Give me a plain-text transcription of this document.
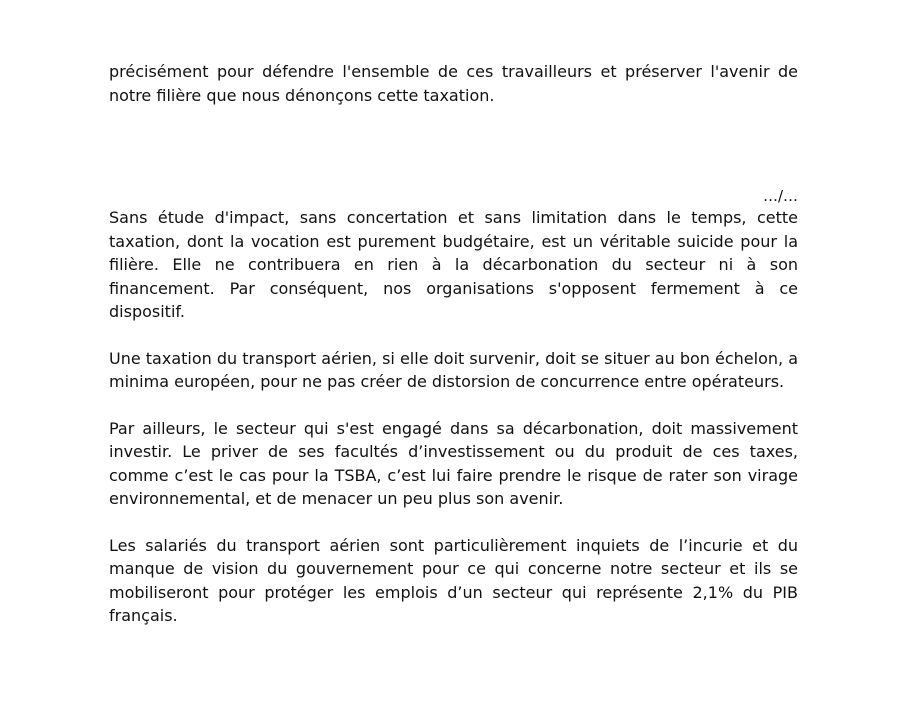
précisément pour défendre l'ensemble de ces travailleurs et préserver l'avenir de notre filière que nous dénonçons cette taxation.

…/…

Sans étude d'impact, sans concertation et sans limitation dans le temps, cette taxation, dont la vocation est purement budgétaire, est un véritable suicide pour la filière. Elle ne contribuera en rien à la décarbonation du secteur ni à son financement. Par conséquent, nos organisations s'opposent fermement à ce dispositif.

Une taxation du transport aérien, si elle doit survenir, doit se situer au bon échelon, a minima européen, pour ne pas créer de distorsion de concurrence entre opérateurs.

Par ailleurs, le secteur qui s'est engagé dans sa décarbonation, doit massivement investir. Le priver de ses facultés d’investissement ou du produit de ces taxes, comme c’est le cas pour la TSBA, c’est lui faire prendre le risque de rater son virage environnemental, et de menacer un peu plus son avenir.

Les salariés du transport aérien sont particulièrement inquiets de l’incurie et du manque de vision du gouvernement pour ce qui concerne notre secteur et ils se mobiliseront pour protéger les emplois d’un secteur qui représente 2,1% du PIB français.
